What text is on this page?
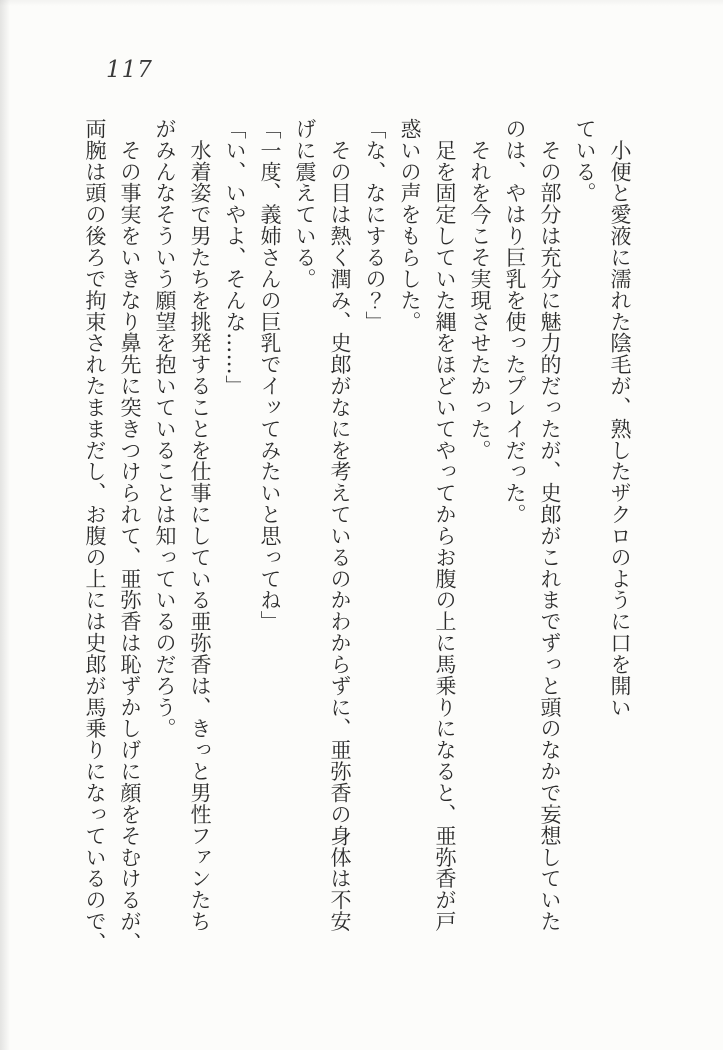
117
　小便と愛液に濡れた陰毛が、熟したザクロのように口を開い
ている。
　その部分は充分に魅力的だったが、史郎がこれまでずっと頭のなかで妄想していた
のは、やはり巨乳を使ったプレイだった。
　それを今こそ実現させたかった。
　足を固定していた縄をほどいてやってからお腹の上に馬乗りになると、亜弥香が戸
惑いの声をもらした。
「な、なにするの？」
　その目は熱く潤み、史郎がなにを考えているのかわからずに、亜弥香の身体は不安
げに震えている。
「一度、義姉さんの巨乳でイッてみたいと思ってね」
「い、いやよ、そんな……」
　水着姿で男たちを挑発することを仕事にしている亜弥香は、きっと男性ファンたち
がみんなそういう願望を抱いていることは知っているのだろう。
　その事実をいきなり鼻先に突きつけられて、亜弥香は恥ずかしげに顔をそむけるが、
両腕は頭の後ろで拘束されたままだし、お腹の上には史郎が馬乗りになっているので、
